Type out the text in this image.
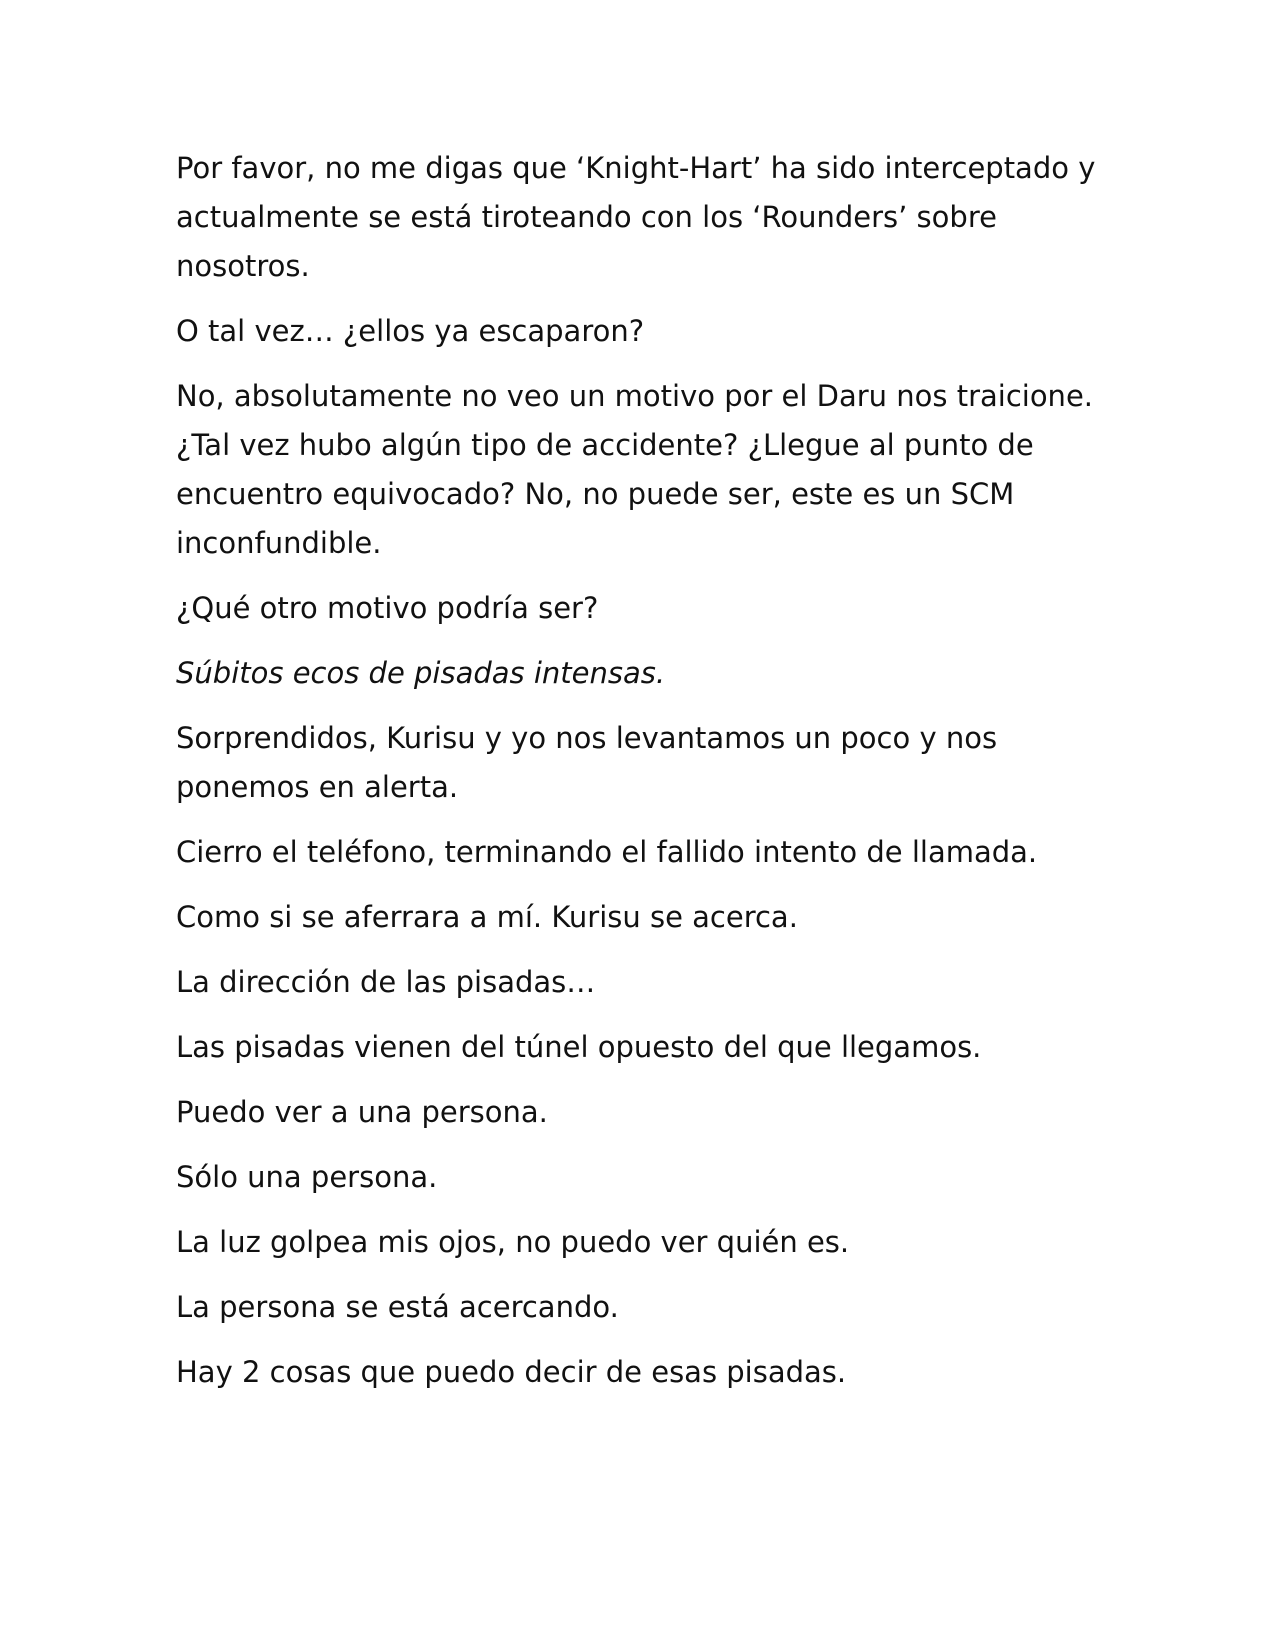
Por favor, no me digas que ‘Knight-Hart’ ha sido interceptado y actualmente se está tiroteando con los ‘Rounders’ sobre nosotros.

O tal vez… ¿ellos ya escaparon?

No, absolutamente no veo un motivo por el Daru nos traicione. ¿Tal vez hubo algún tipo de accidente? ¿Llegue al punto de encuentro equivocado? No, no puede ser, este es un SCM inconfundible.

¿Qué otro motivo podría ser?

Súbitos ecos de pisadas intensas.

Sorprendidos, Kurisu y yo nos levantamos un poco y nos ponemos en alerta.

Cierro el teléfono, terminando el fallido intento de llamada.

Como si se aferrara a mí. Kurisu se acerca.

La dirección de las pisadas…

Las pisadas vienen del túnel opuesto del que llegamos.

Puedo ver a una persona.

Sólo una persona.

La luz golpea mis ojos, no puedo ver quién es.

La persona se está acercando.

Hay 2 cosas que puedo decir de esas pisadas.
